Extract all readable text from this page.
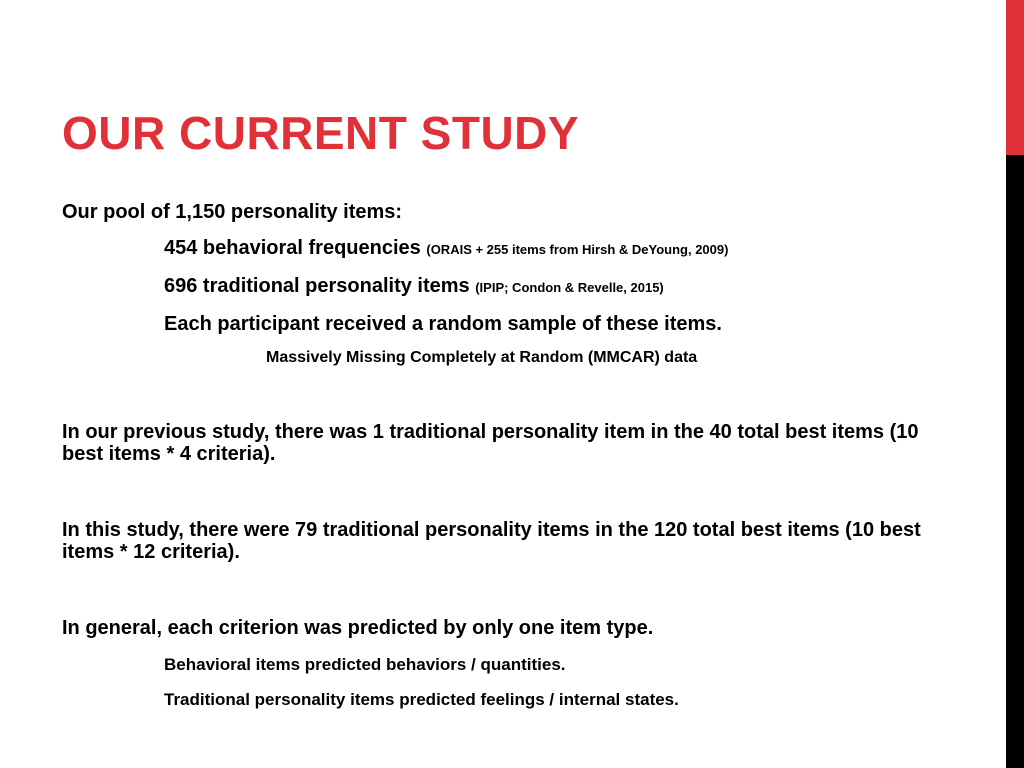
OUR CURRENT STUDY

Our pool of 1,150 personality items:

454 behavioral frequencies (ORAIS + 255 items from Hirsh & DeYoung, 2009)

696 traditional personality items (IPIP; Condon & Revelle, 2015)

Each participant received a random sample of these items.

Massively Missing Completely at Random (MMCAR) data

In our previous study, there was 1 traditional personality item in the 40 total best items (10 best items * 4 criteria).

In this study, there were 79 traditional personality items in the 120 total best items (10 best items * 12 criteria).

In general, each criterion was predicted by only one item type.

Behavioral items predicted behaviors / quantities.

Traditional personality items predicted feelings / internal states.
